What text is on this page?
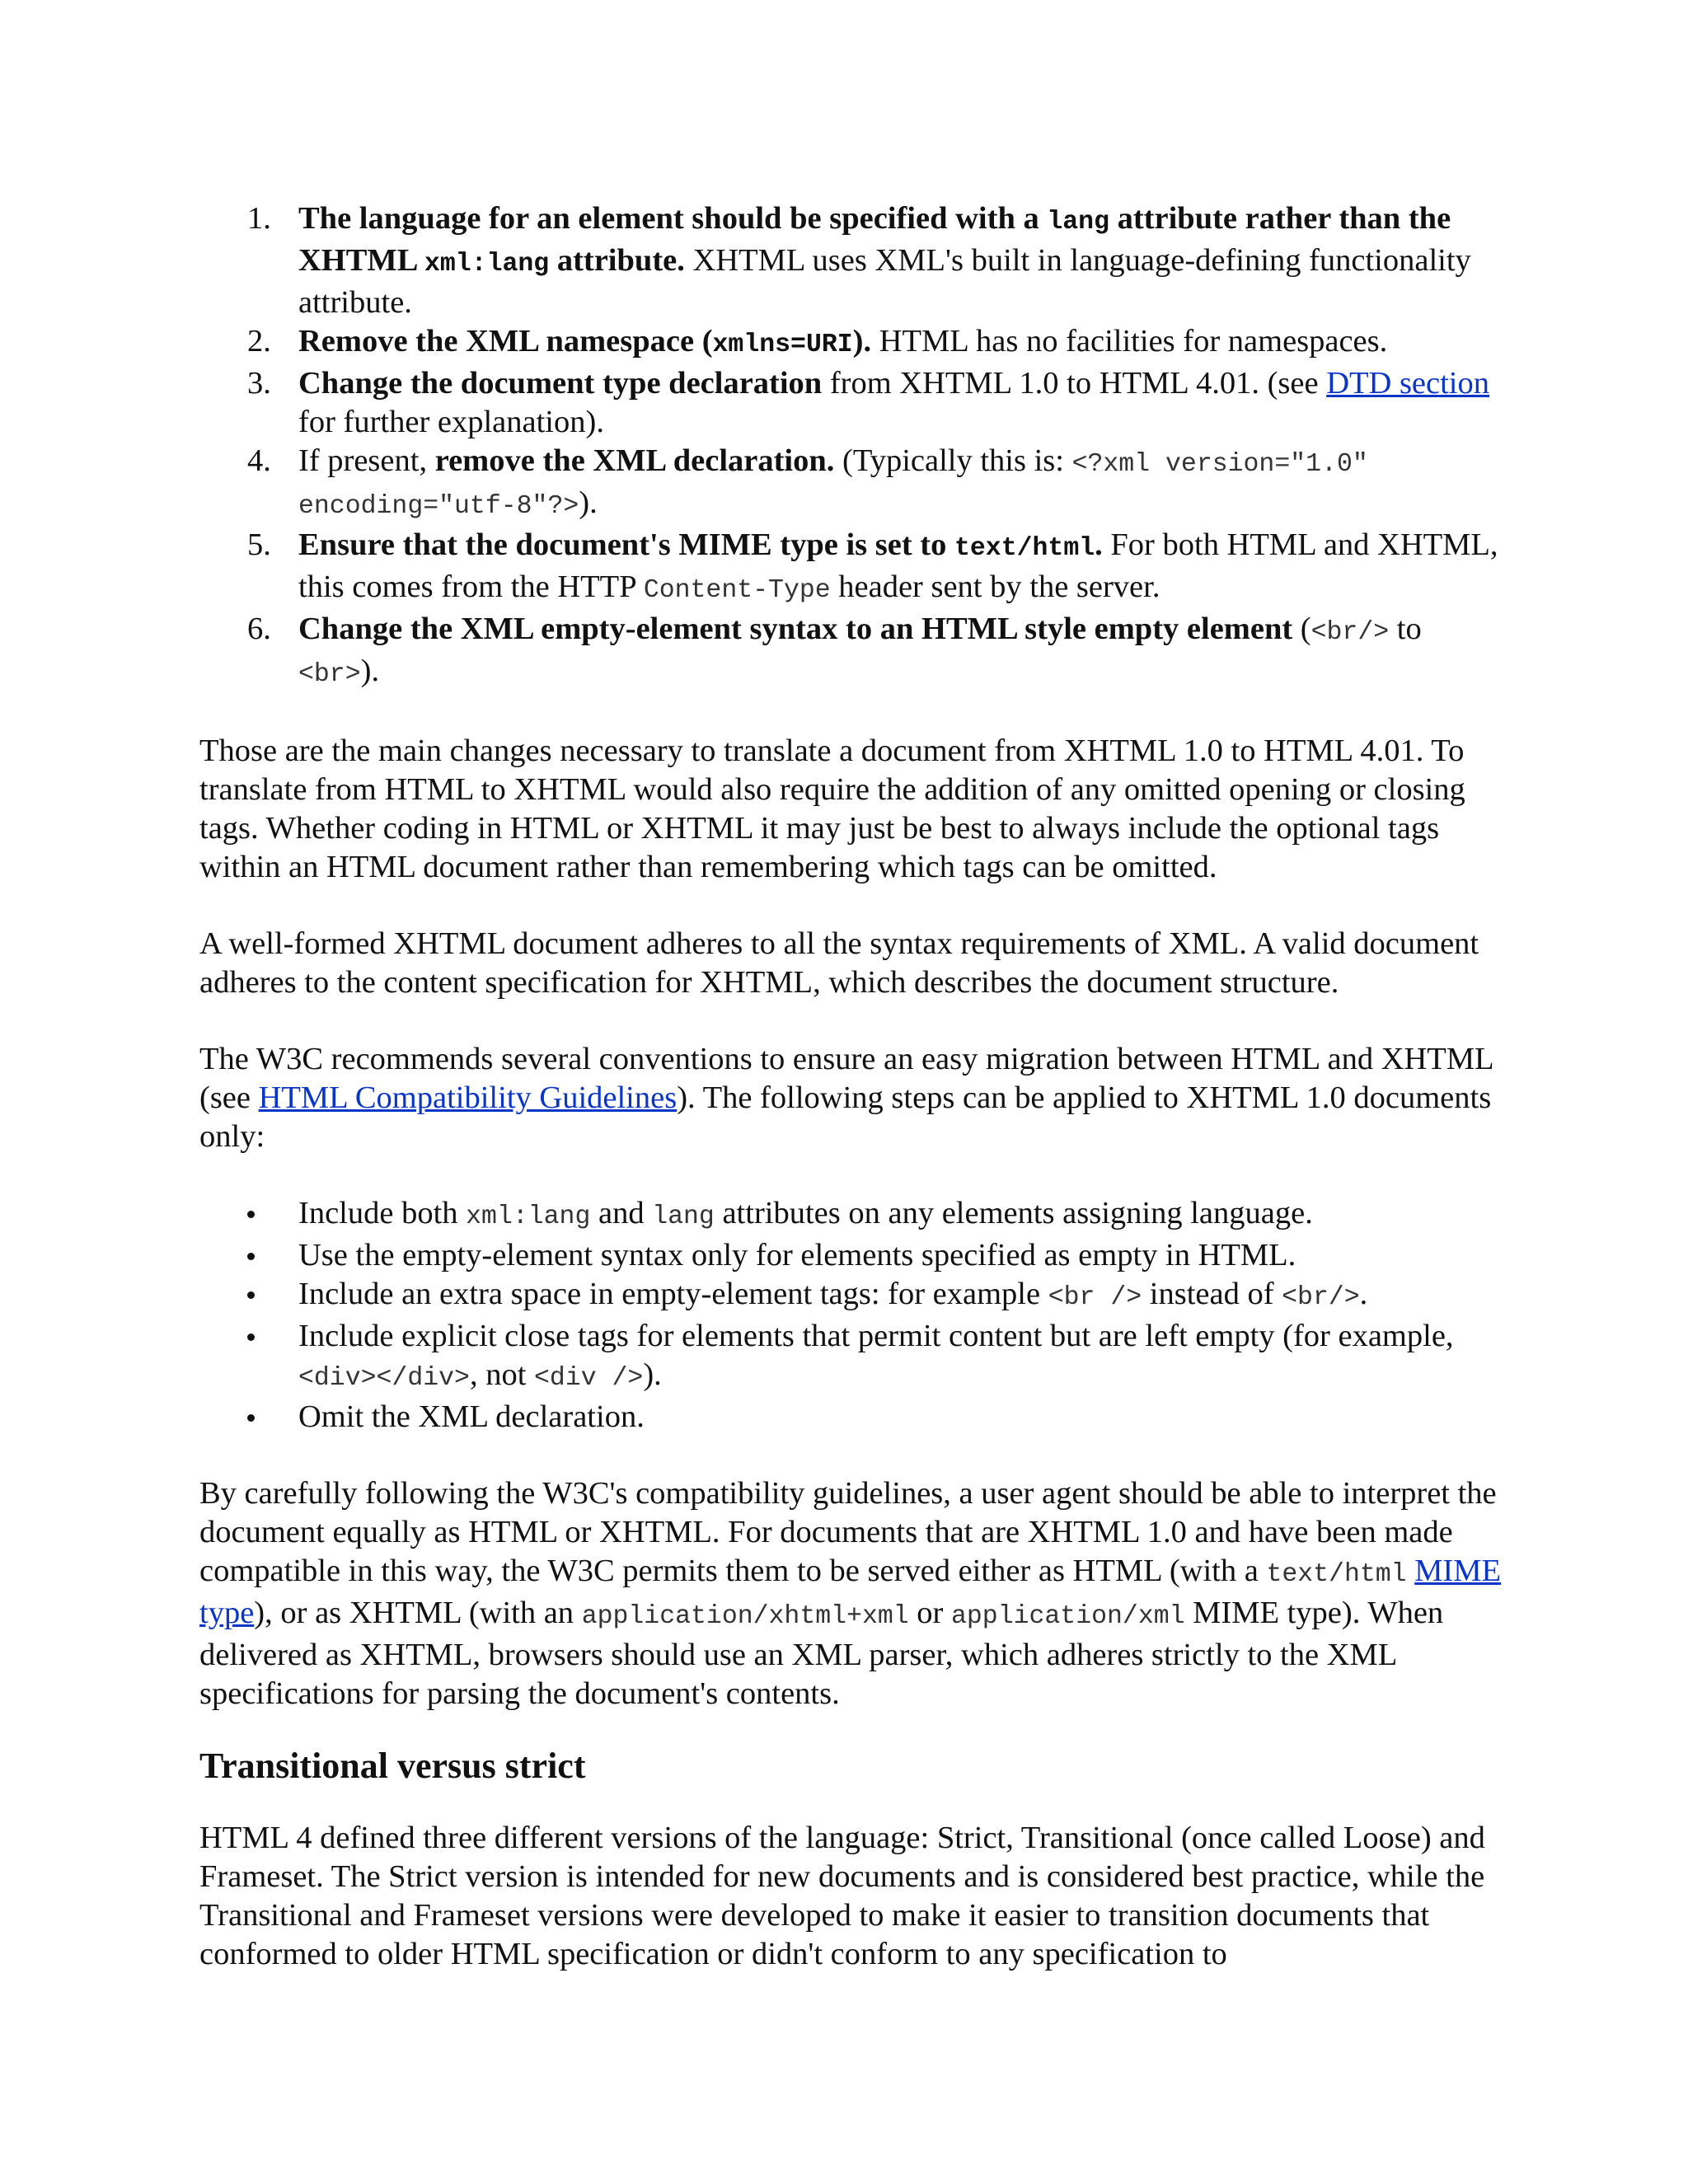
1. The language for an element should be specified with a lang attribute rather than the XHTML xml:lang attribute. XHTML uses XML's built in language-defining functionality attribute.
2. Remove the XML namespace (xmlns=URI). HTML has no facilities for namespaces.
3. Change the document type declaration from XHTML 1.0 to HTML 4.01. (see DTD section for further explanation).
4. If present, remove the XML declaration. (Typically this is: <?xml version="1.0" encoding="utf-8"?>).
5. Ensure that the document's MIME type is set to text/html. For both HTML and XHTML, this comes from the HTTP Content-Type header sent by the server.
6. Change the XML empty-element syntax to an HTML style empty element (<br/> to <br>).

Those are the main changes necessary to translate a document from XHTML 1.0 to HTML 4.01. To translate from HTML to XHTML would also require the addition of any omitted opening or closing tags. Whether coding in HTML or XHTML it may just be best to always include the optional tags within an HTML document rather than remembering which tags can be omitted.

A well-formed XHTML document adheres to all the syntax requirements of XML. A valid document adheres to the content specification for XHTML, which describes the document structure.

The W3C recommends several conventions to ensure an easy migration between HTML and XHTML (see HTML Compatibility Guidelines). The following steps can be applied to XHTML 1.0 documents only:

Include both xml:lang and lang attributes on any elements assigning language.
Use the empty-element syntax only for elements specified as empty in HTML.
Include an extra space in empty-element tags: for example <br /> instead of <br/>.
Include explicit close tags for elements that permit content but are left empty (for example, <div></div>, not <div />).
Omit the XML declaration.

By carefully following the W3C's compatibility guidelines, a user agent should be able to interpret the document equally as HTML or XHTML. For documents that are XHTML 1.0 and have been made compatible in this way, the W3C permits them to be served either as HTML (with a text/html MIME type), or as XHTML (with an application/xhtml+xml or application/xml MIME type). When delivered as XHTML, browsers should use an XML parser, which adheres strictly to the XML specifications for parsing the document's contents.

Transitional versus strict

HTML 4 defined three different versions of the language: Strict, Transitional (once called Loose) and Frameset. The Strict version is intended for new documents and is considered best practice, while the Transitional and Frameset versions were developed to make it easier to transition documents that conformed to older HTML specification or didn't conform to any specification to
